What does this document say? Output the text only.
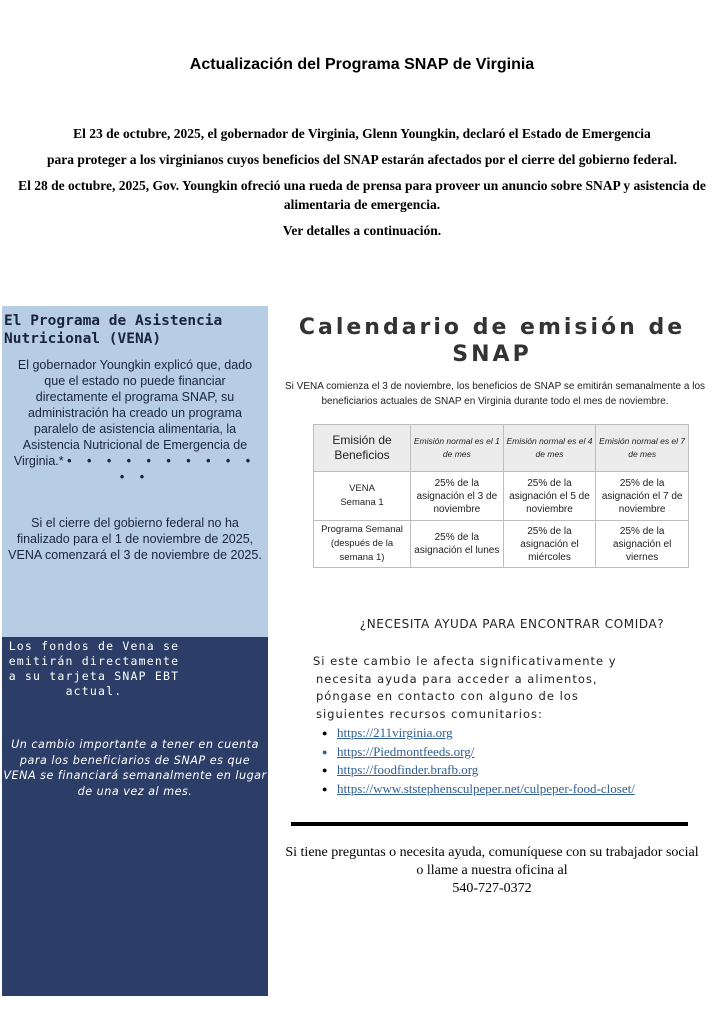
Actualización del Programa SNAP de Virginia

El 23 de octubre, 2025, el gobernador de Virginia, Glenn Youngkin, declaró el Estado de Emergencia

para proteger a los virginianos cuyos beneficios del SNAP estarán afectados por el cierre del gobierno federal.

El 28 de octubre, 2025, Gov. Youngkin ofreció una rueda de prensa para proveer un anuncio sobre SNAP y asistencia de alimentaria de emergencia.

Ver detalles a continuación.

El Programa de Asistencia Nutricional (VENA)
El gobernador Youngkin explicó que, dado que el estado no puede financiar directamente el programa SNAP, su administración ha creado un programa paralelo de asistencia alimentaria, la Asistencia Nutricional de Emergencia de Virginia.* • • • • • • • • • • • •
Si el cierre del gobierno federal no ha finalizado para el 1 de noviembre de 2025, VENA comenzará el 3 de noviembre de 2025.
Los fondos de Vena se emitirán directamente a su tarjeta SNAP EBT actual.
Un cambio importante a tener en cuenta para los beneficiarios de SNAP es que VENA se financiará semanalmente en lugar de una vez al mes.
Calendario de emisión de SNAP
Si VENA comienza el 3 de noviembre, los beneficios de SNAP se emitirán semanalmente a los beneficiarios actuales de SNAP en Virginia durante todo el mes de noviembre.
Emisión de Beneficios	Emisión normal es el 1 de mes	Emisión normal es el 4 de mes	Emisión normal es el 7 de mes

VENA
Semana 1	25% de la asignación el 3 de noviembre	25% de la asignación el 5 de noviembre	25% de la asignación el 7 de noviembre
Programa Semanal (después de la semana 1)	25% de la asignación el lunes	25% de la asignación el miércoles	25% de la asignación el viernes
¿NECESITA AYUDA PARA ENCONTRAR COMIDA?
Si este cambio le afecta significativamente y
necesita ayuda para acceder a alimentos,
póngase en contacto con alguno de los
siguientes recursos comunitarios:
● https://211virginia.org
● https://Piedmontfeeds.org/
● https://foodfinder.brafb.org
● https://www.ststephensculpeper.net/culpeper-food-closet/
Si tiene preguntas o necesita ayuda, comuníquese con su trabajador social
o llame a nuestra oficina al
540-727-0372
